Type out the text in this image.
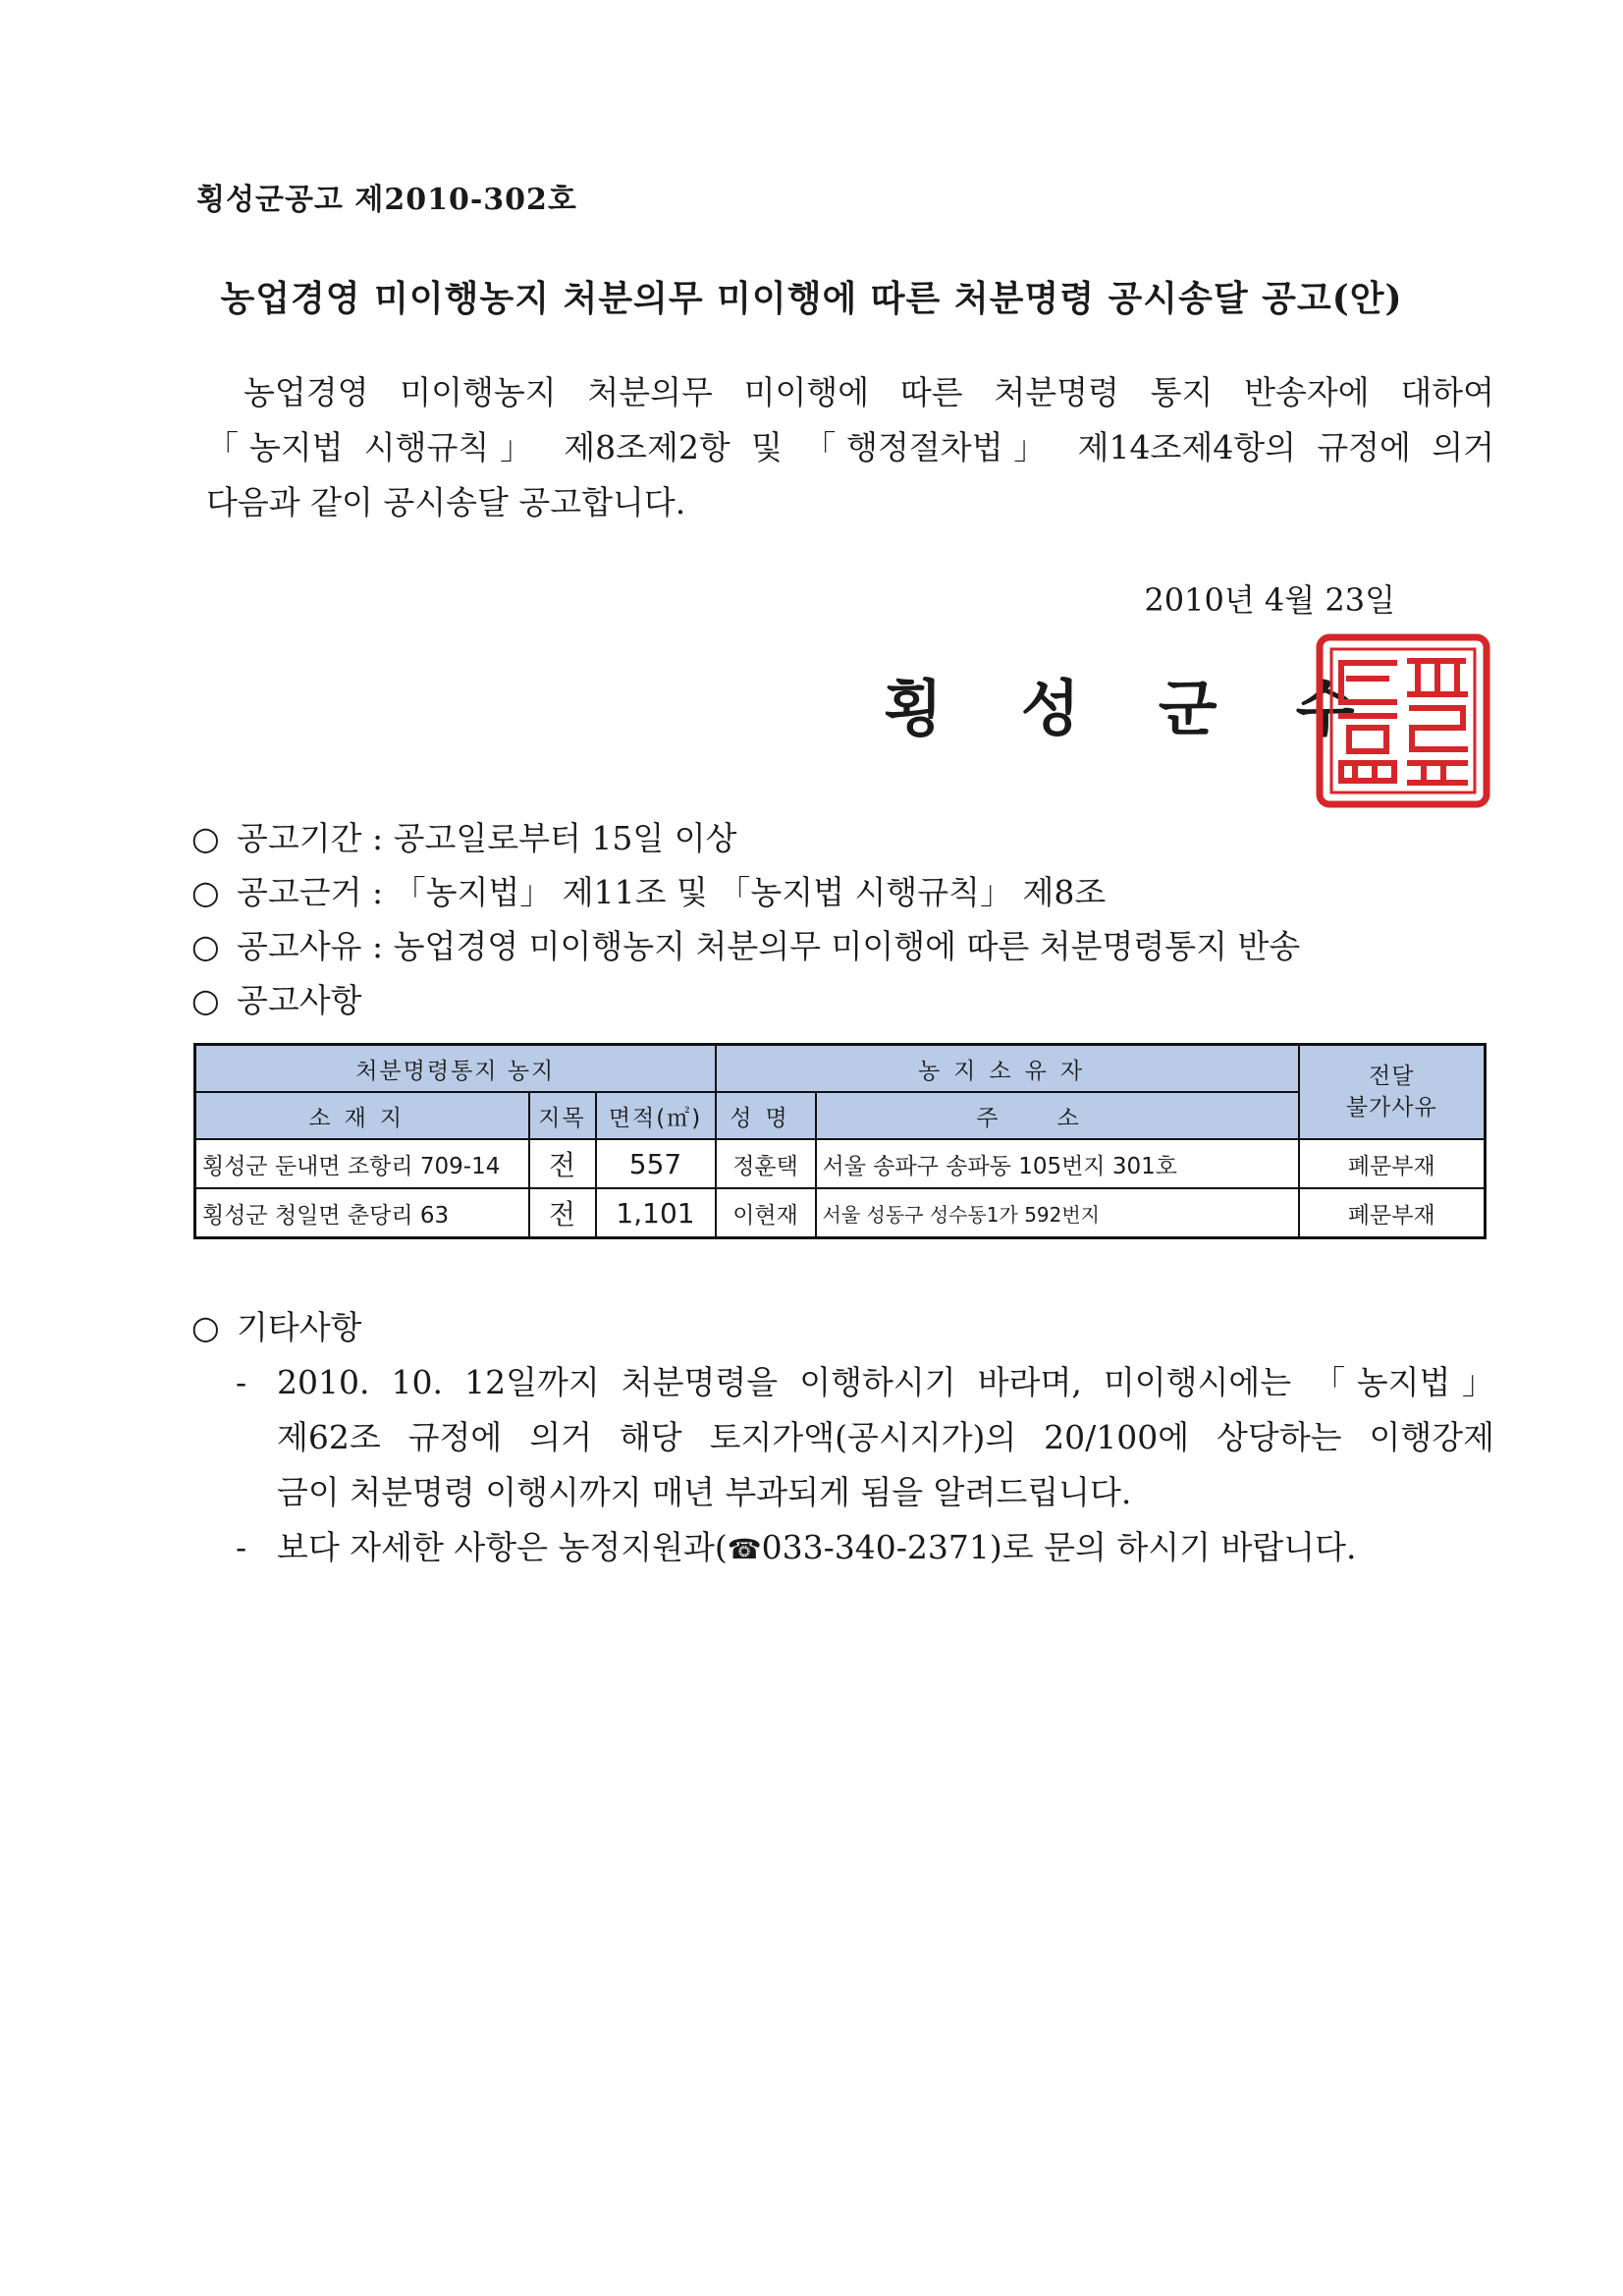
횡성군공고 제2010-302호
농업경영 미이행농지 처분의무 미이행에 따른 처분명령 공시송달 공고(안)
농업경영 미이행농지 처분의무 미이행에 따른 처분명령 통지 반송자에 대하여
「농지법 시행규칙」 제8조제2항 및 「행정절차법」 제14조제4항의 규정에 의거
다음과 같이 공시송달 공고합니다.
2010년 4월 23일
횡성군수
○ 공고기간 : 공고일로부터 15일 이상
○ 공고근거 : 「농지법」 제11조 및 「농지법 시행규칙」 제8조
○ 공고사유 : 농업경영 미이행농지 처분의무 미이행에 따른 처분명령통지 반송
○ 공고사항
처분명령통지 농지			농지소유자		전달
불가사유
소재지	지목	면적(㎡)	성명	주소	
횡성군 둔내면 조항리 709-14	전	557	정훈택	서울 송파구 송파동 105번지 301호	폐문부재
횡성군 청일면 춘당리 63	전	1,101	이현재	서울 성동구 성수동1가 592번지	폐문부재
○ 기타사항
- 2010. 10. 12일까지 처분명령을 이행하시기 바라며, 미이행시에는 「농지법」
제62조 규정에 의거 해당 토지가액(공시지가)의 20/100에 상당하는 이행강제
금이 처분명령 이행시까지 매년 부과되게 됨을 알려드립니다.
- 보다 자세한 사항은 농정지원과(☎033-340-2371)로 문의 하시기 바랍니다.
